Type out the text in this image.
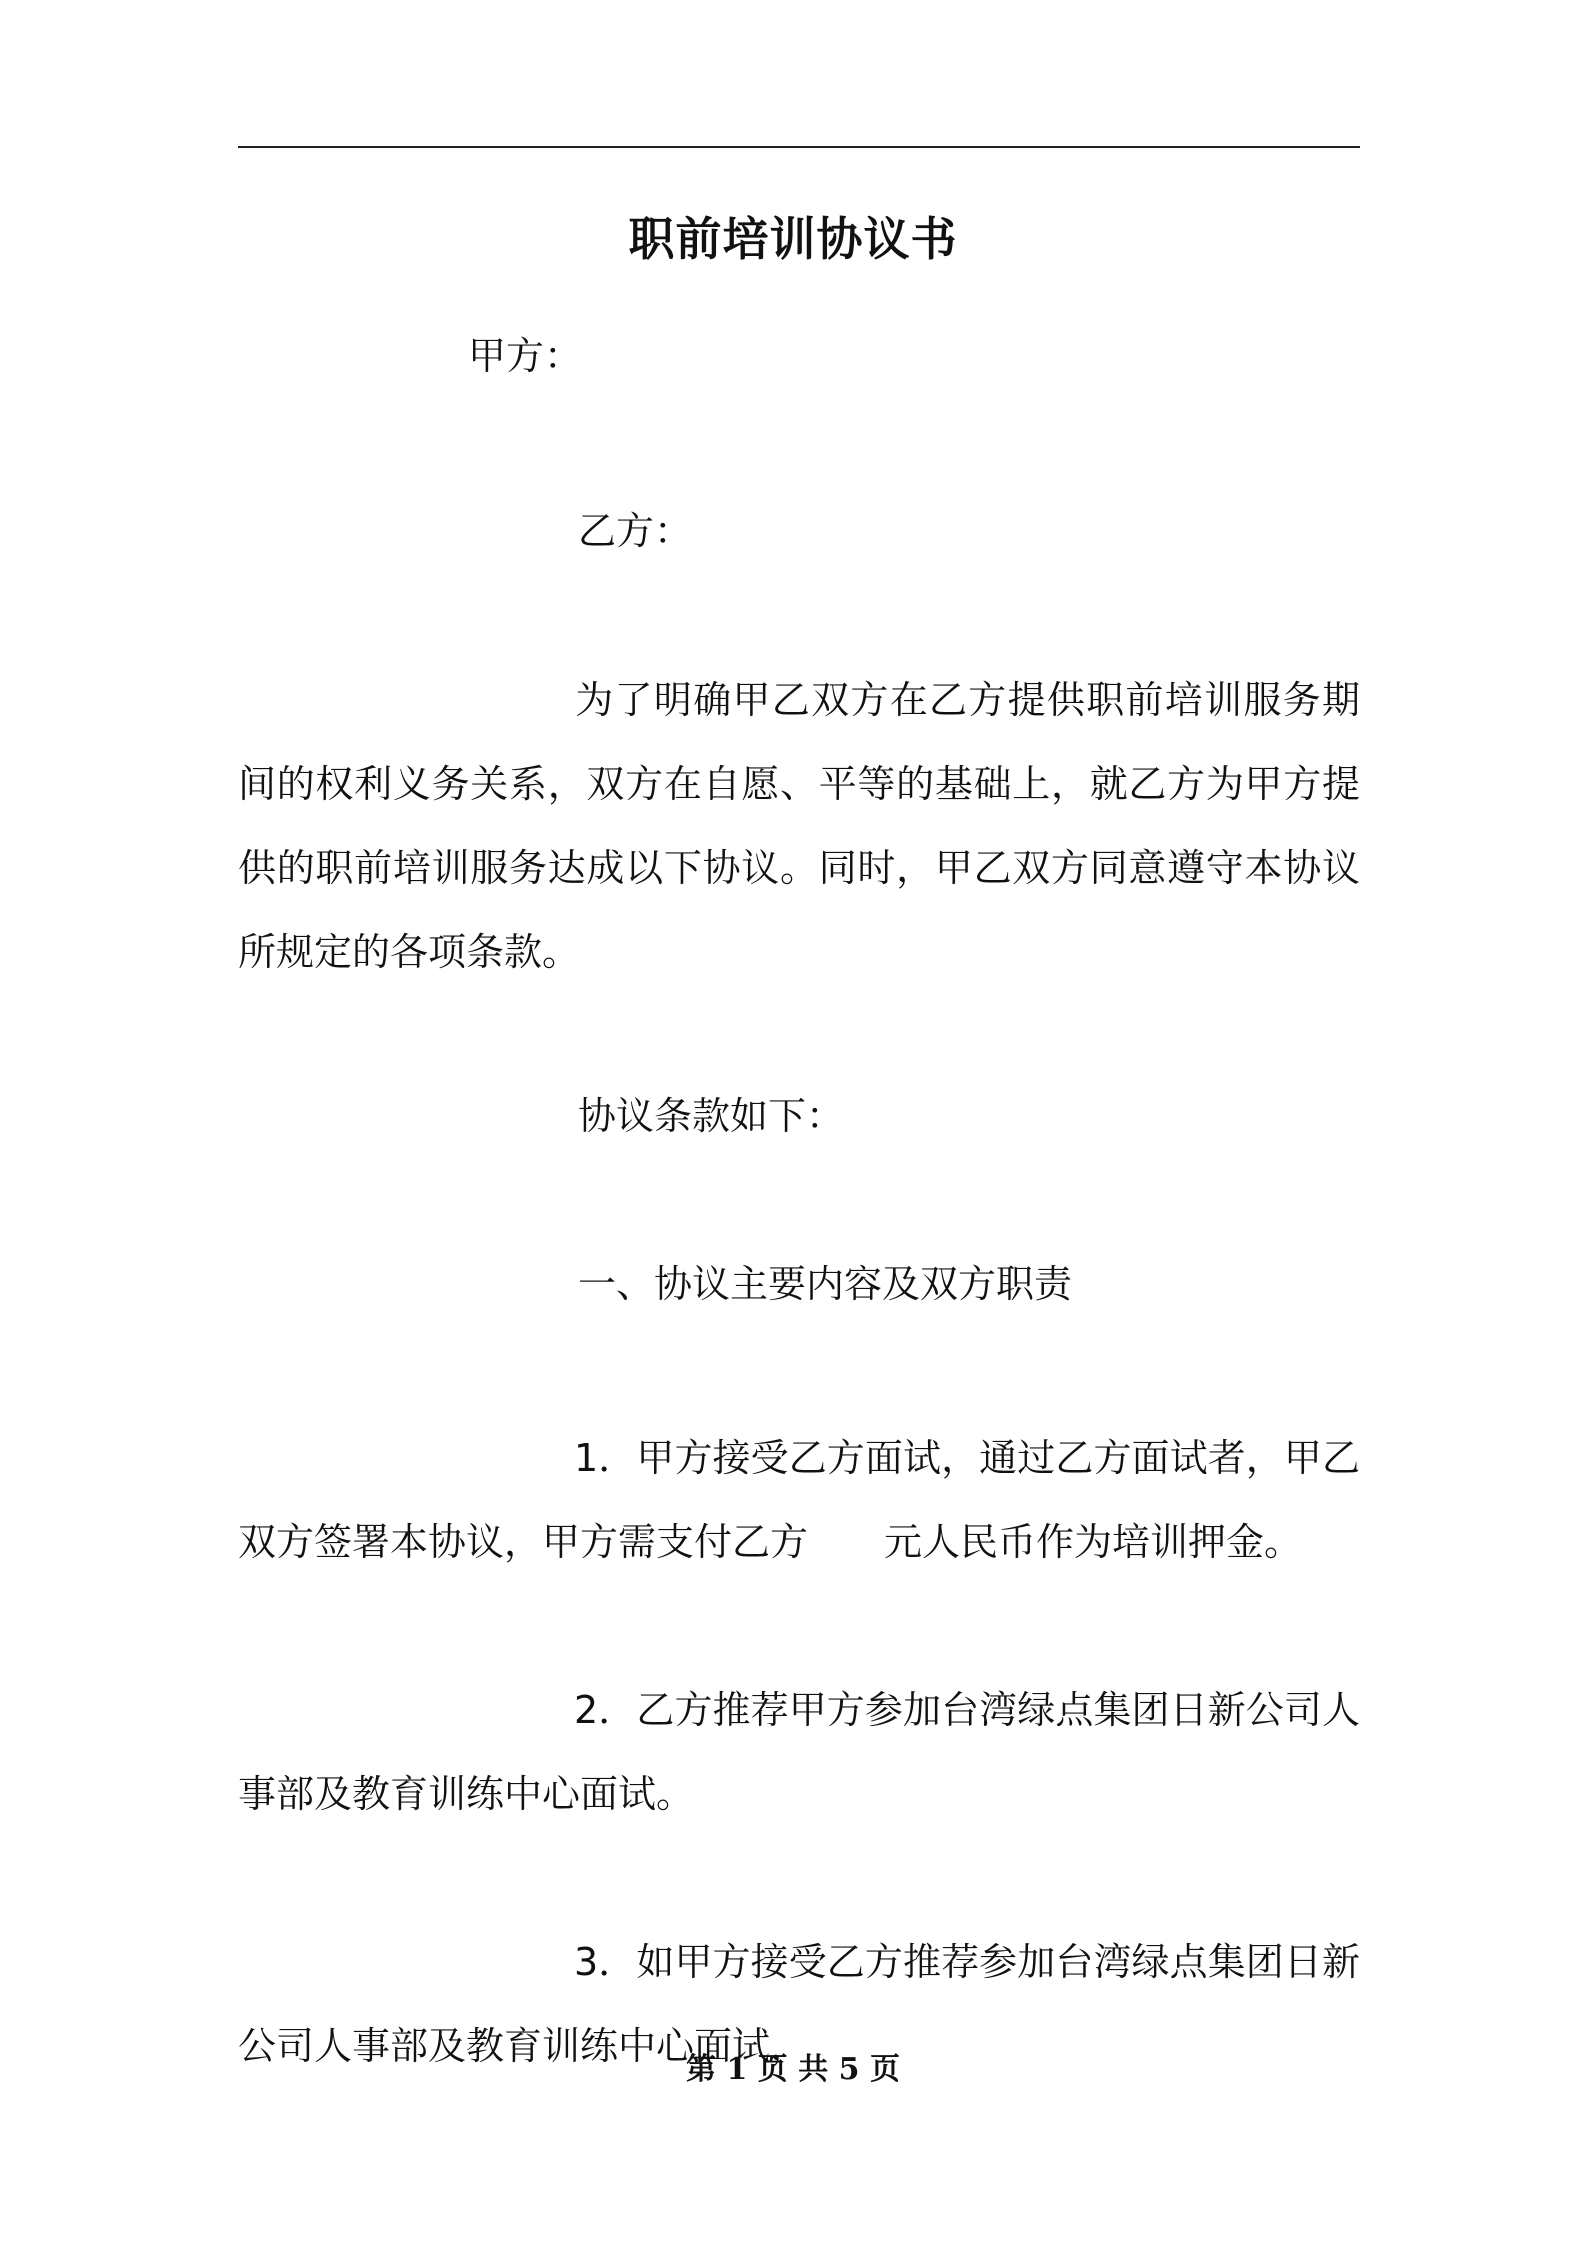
职前培训协议书
甲方：
乙方：
为了明确甲乙双方在乙方提供职前培训服务期间的权利义务关系，双方在自愿、平等的基础上，就乙方为甲方提供的职前培训服务达成以下协议。同时，甲乙双方同意遵守本协议所规定的各项条款。
协议条款如下：
一、协议主要内容及双方职责
1．甲方接受乙方面试，通过乙方面试者，甲乙双方签署本协议，甲方需支付乙方　　元人民币作为培训押金。
2．乙方推荐甲方参加台湾绿点集团日新公司人事部及教育训练中心面试。
3．如甲方接受乙方推荐参加台湾绿点集团日新公司人事部及教育训练中心面试，
第 1 页 共 5 页
